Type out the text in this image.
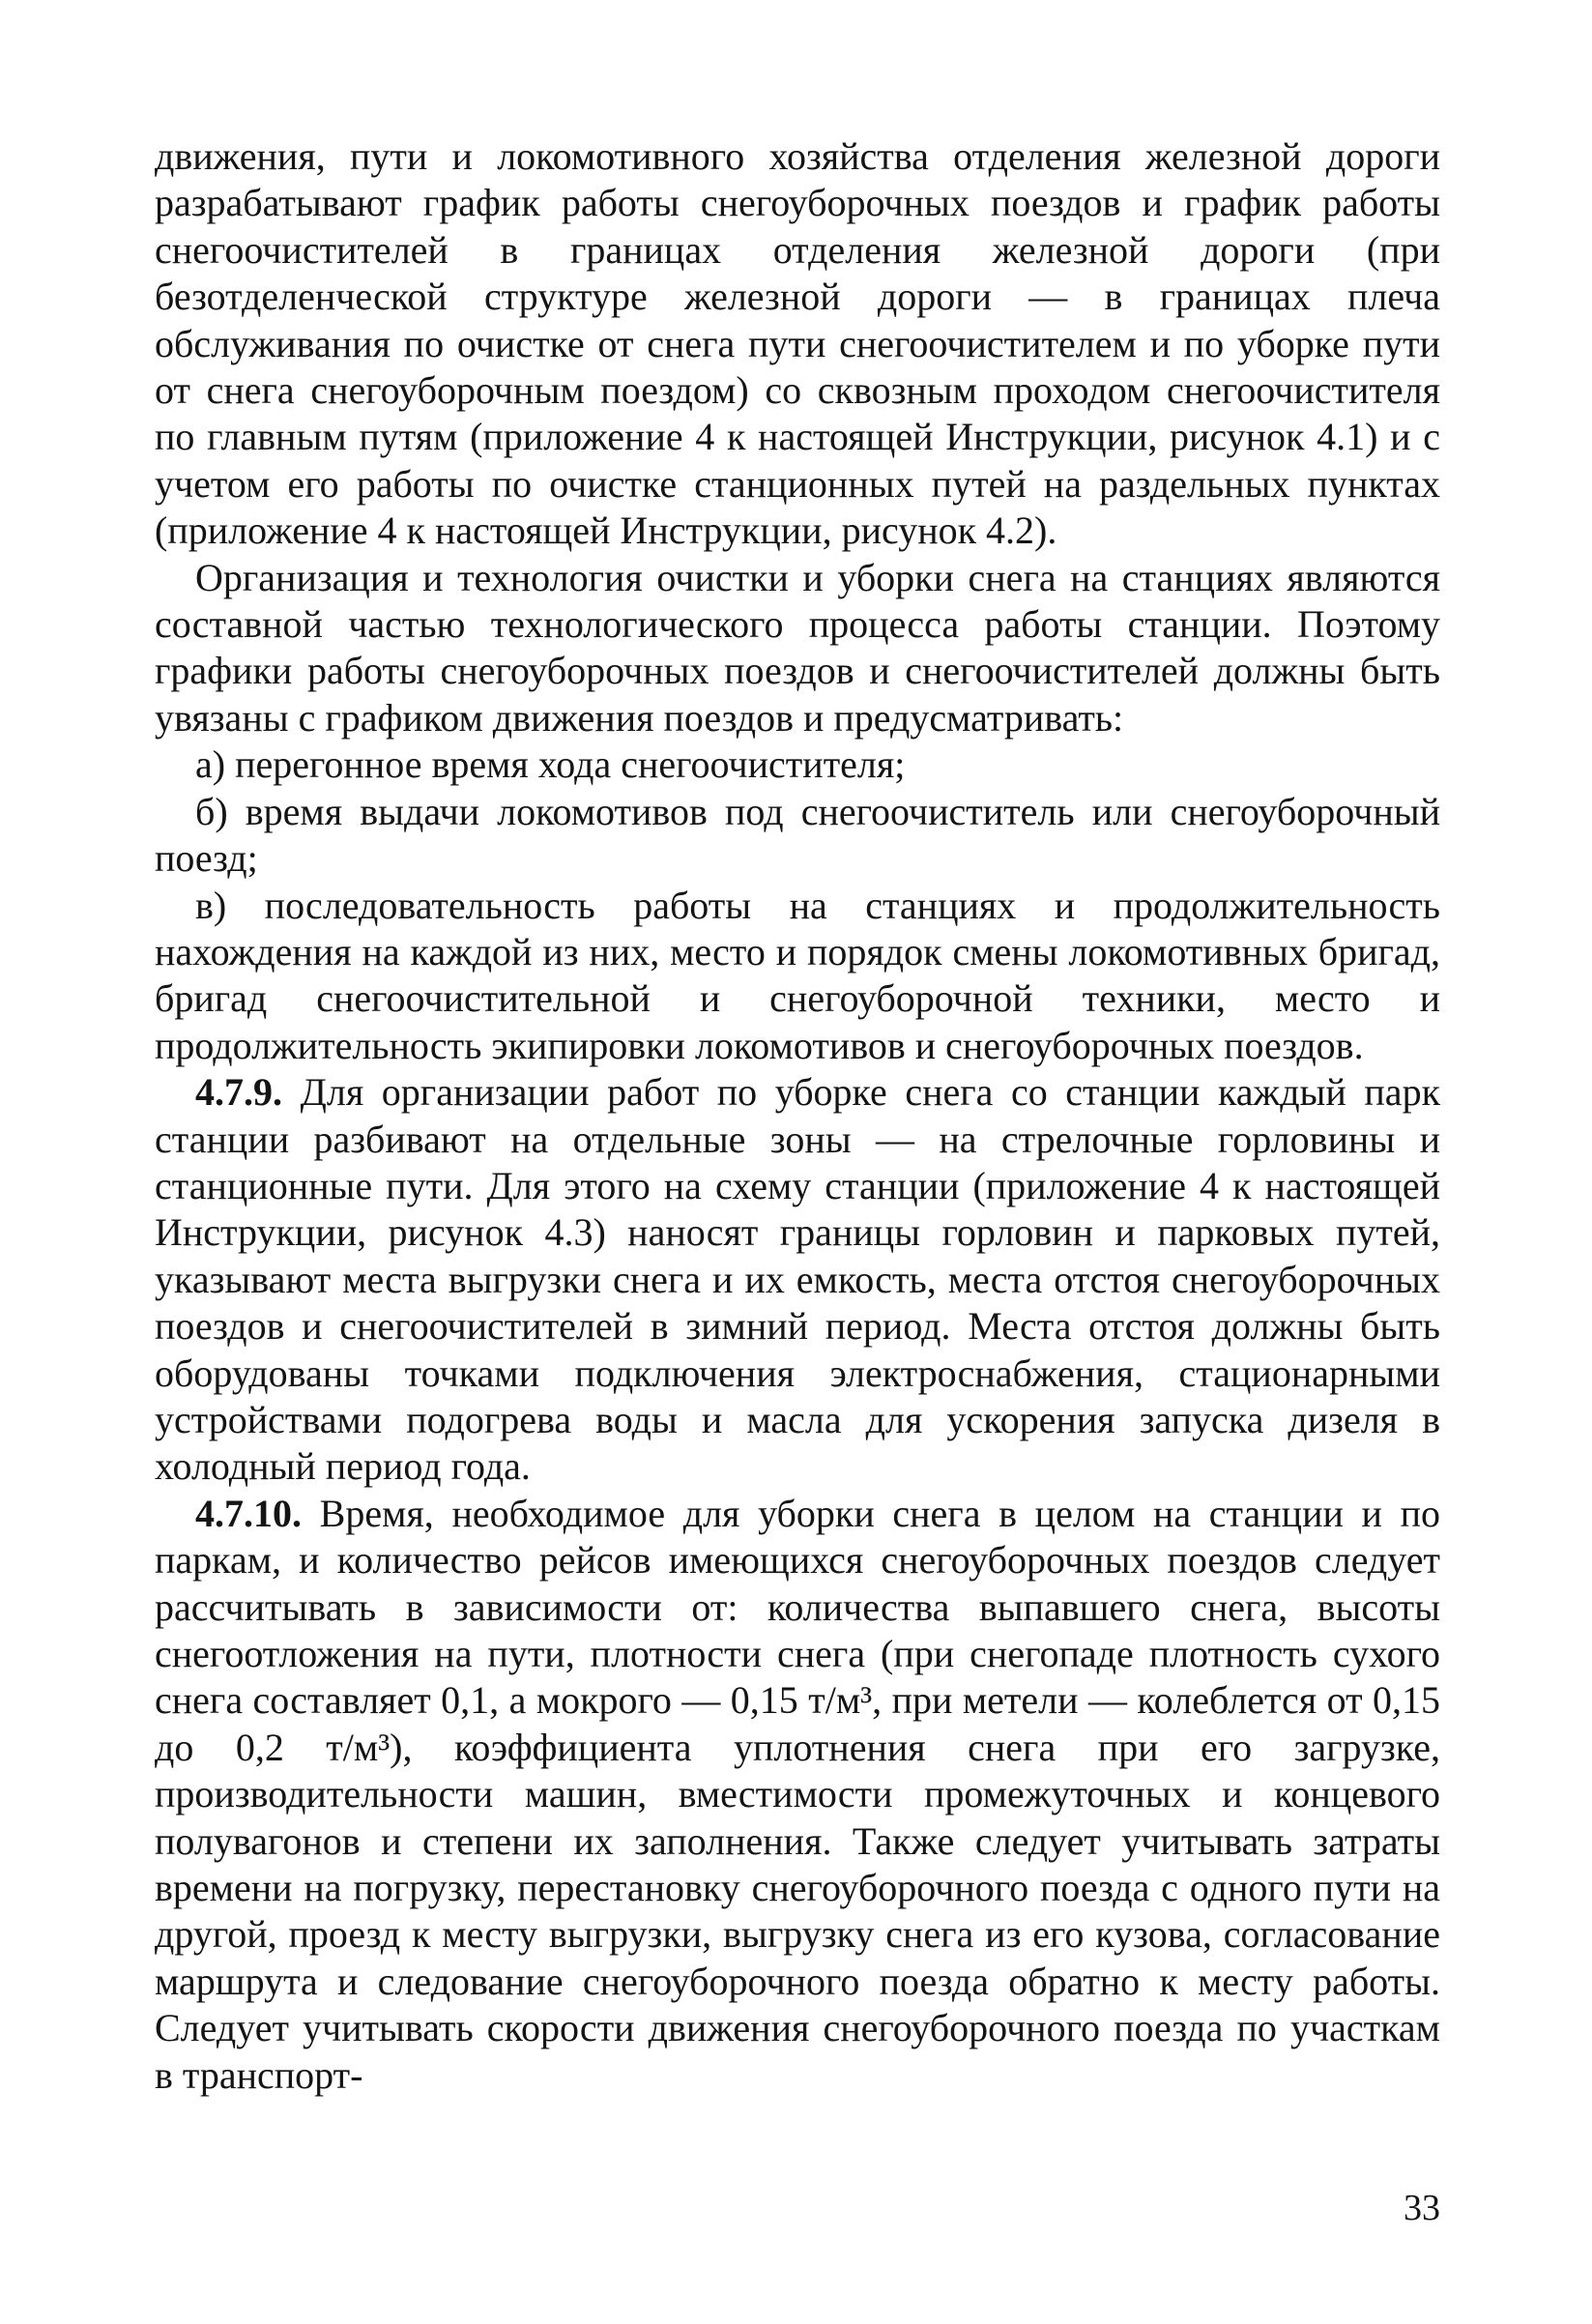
движения, пути и локомотивного хозяйства отделения железной дороги разрабатывают график работы снегоуборочных поездов и график работы снегоочистителей в границах отделения железной дороги (при безотделенческой структуре железной дороги — в границах плеча обслуживания по очистке от снега пути снегоочистителем и по уборке пути от снега снегоуборочным поездом) со сквозным проходом снегоочистителя по главным путям (приложение 4 к настоящей Инструкции, рисунок 4.1) и с учетом его работы по очистке станционных путей на раздельных пунктах (приложение 4 к настоящей Инструкции, рисунок 4.2).

Организация и технология очистки и уборки снега на станциях являются составной частью технологического процесса работы станции. Поэтому графики работы снегоуборочных поездов и снегоочистителей должны быть увязаны с графиком движения поездов и предусматривать:

а) перегонное время хода снегоочистителя;

б) время выдачи локомотивов под снегоочиститель или снегоуборочный поезд;

в) последовательность работы на станциях и продолжительность нахождения на каждой из них, место и порядок смены локомотивных бригад, бригад снегоочистительной и снегоуборочной техники, место и продолжительность экипировки локомотивов и снегоуборочных поездов.

4.7.9. Для организации работ по уборке снега со станции каждый парк станции разбивают на отдельные зоны — на стрелочные горловины и станционные пути. Для этого на схему станции (приложение 4 к настоящей Инструкции, рисунок 4.3) наносят границы горловин и парковых путей, указывают места выгрузки снега и их емкость, места отстоя снегоуборочных поездов и снегоочистителей в зимний период. Места отстоя должны быть оборудованы точками подключения электроснабжения, стационарными устройствами подогрева воды и масла для ускорения запуска дизеля в холодный период года.

4.7.10. Время, необходимое для уборки снега в целом на станции и по паркам, и количество рейсов имеющихся снегоуборочных поездов следует рассчитывать в зависимости от: количества выпавшего снега, высоты снегоотложения на пути, плотности снега (при снегопаде плотность сухого снега составляет 0,1, а мокрого — 0,15 т/м³, при метели — колеблется от 0,15 до 0,2 т/м³), коэффициента уплотнения снега при его загрузке, производительности машин, вместимости промежуточных и концевого полувагонов и степени их заполнения. Также следует учитывать затраты времени на погрузку, перестановку снегоуборочного поезда с одного пути на другой, проезд к месту выгрузки, выгрузку снега из его кузова, согласование маршрута и следование снегоуборочного поезда обратно к месту работы. Следует учитывать скорости движения снегоуборочного поезда по участкам в транспорт-

33
